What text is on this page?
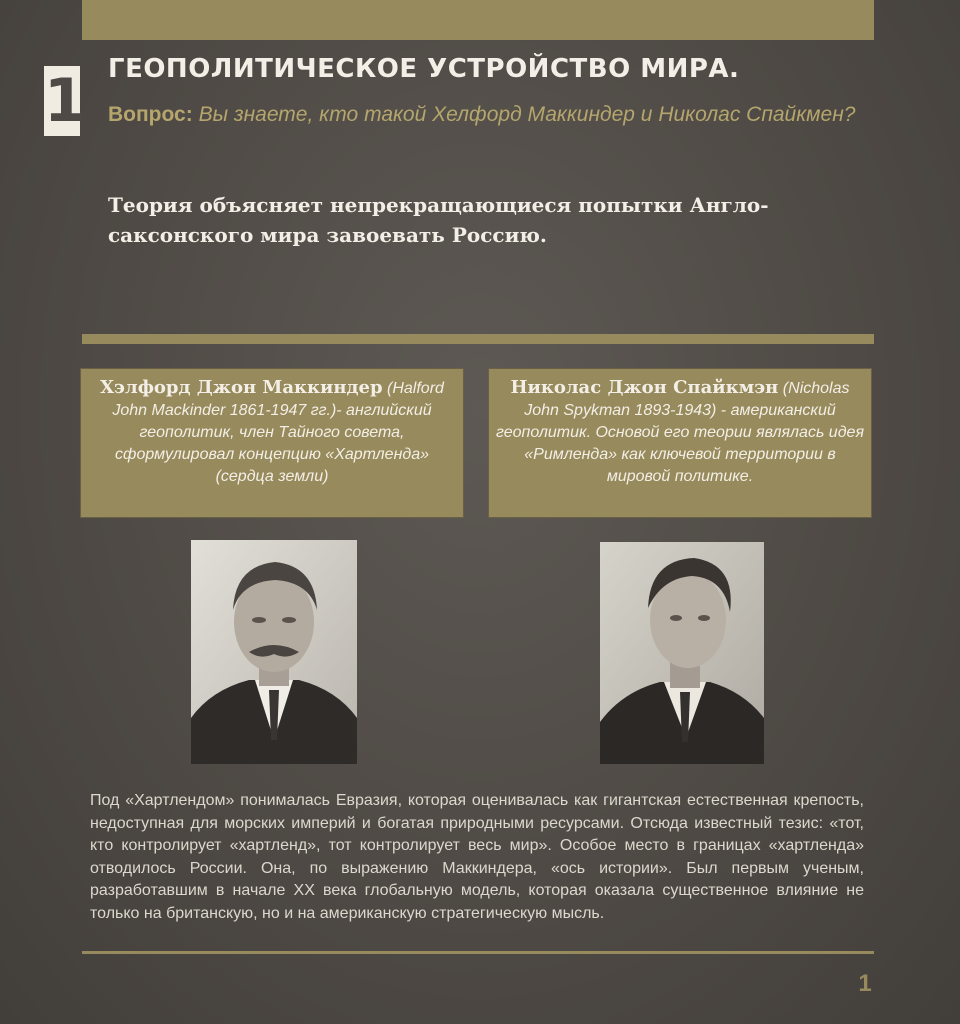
1 ГЕОПОЛИТИЧЕСКОЕ УСТРОЙСТВО МИРА.
Вопрос: Вы знаете, кто такой Хелфорд Маккиндер и Николас Спайкмен?
Теория объясняет непрекращающиеся попытки Англо-саксонского мира завоевать Россию.
Хэлфорд Джон Маккиндер (Halford John Mackinder 1861-1947 гг.)- английский геополитик, член Тайного совета, сформулировал концепцию «Хартленда» (сердца земли)
Николас Джон Спайкмэн (Nicholas John Spykman 1893-1943) - американский геополитик. Основой его теории являлась идея «Римленда» как ключевой территории в мировой политике.
Под «Хартлендом» понималась Евразия, которая оценивалась как гигантская естественная крепость, недоступная для морских империй и богатая природными ресурсами. Отсюда известный тезис: «тот, кто контролирует «хартленд», тот контролирует весь мир». Особое место в границах «хартленда» отводилось России. Она, по выражению Маккиндера, «ось истории». Был первым ученым, разработавшим в начале XX века глобальную модель, которая оказала существенное влияние не только на британскую, но и на американскую стратегическую мысль.
1
